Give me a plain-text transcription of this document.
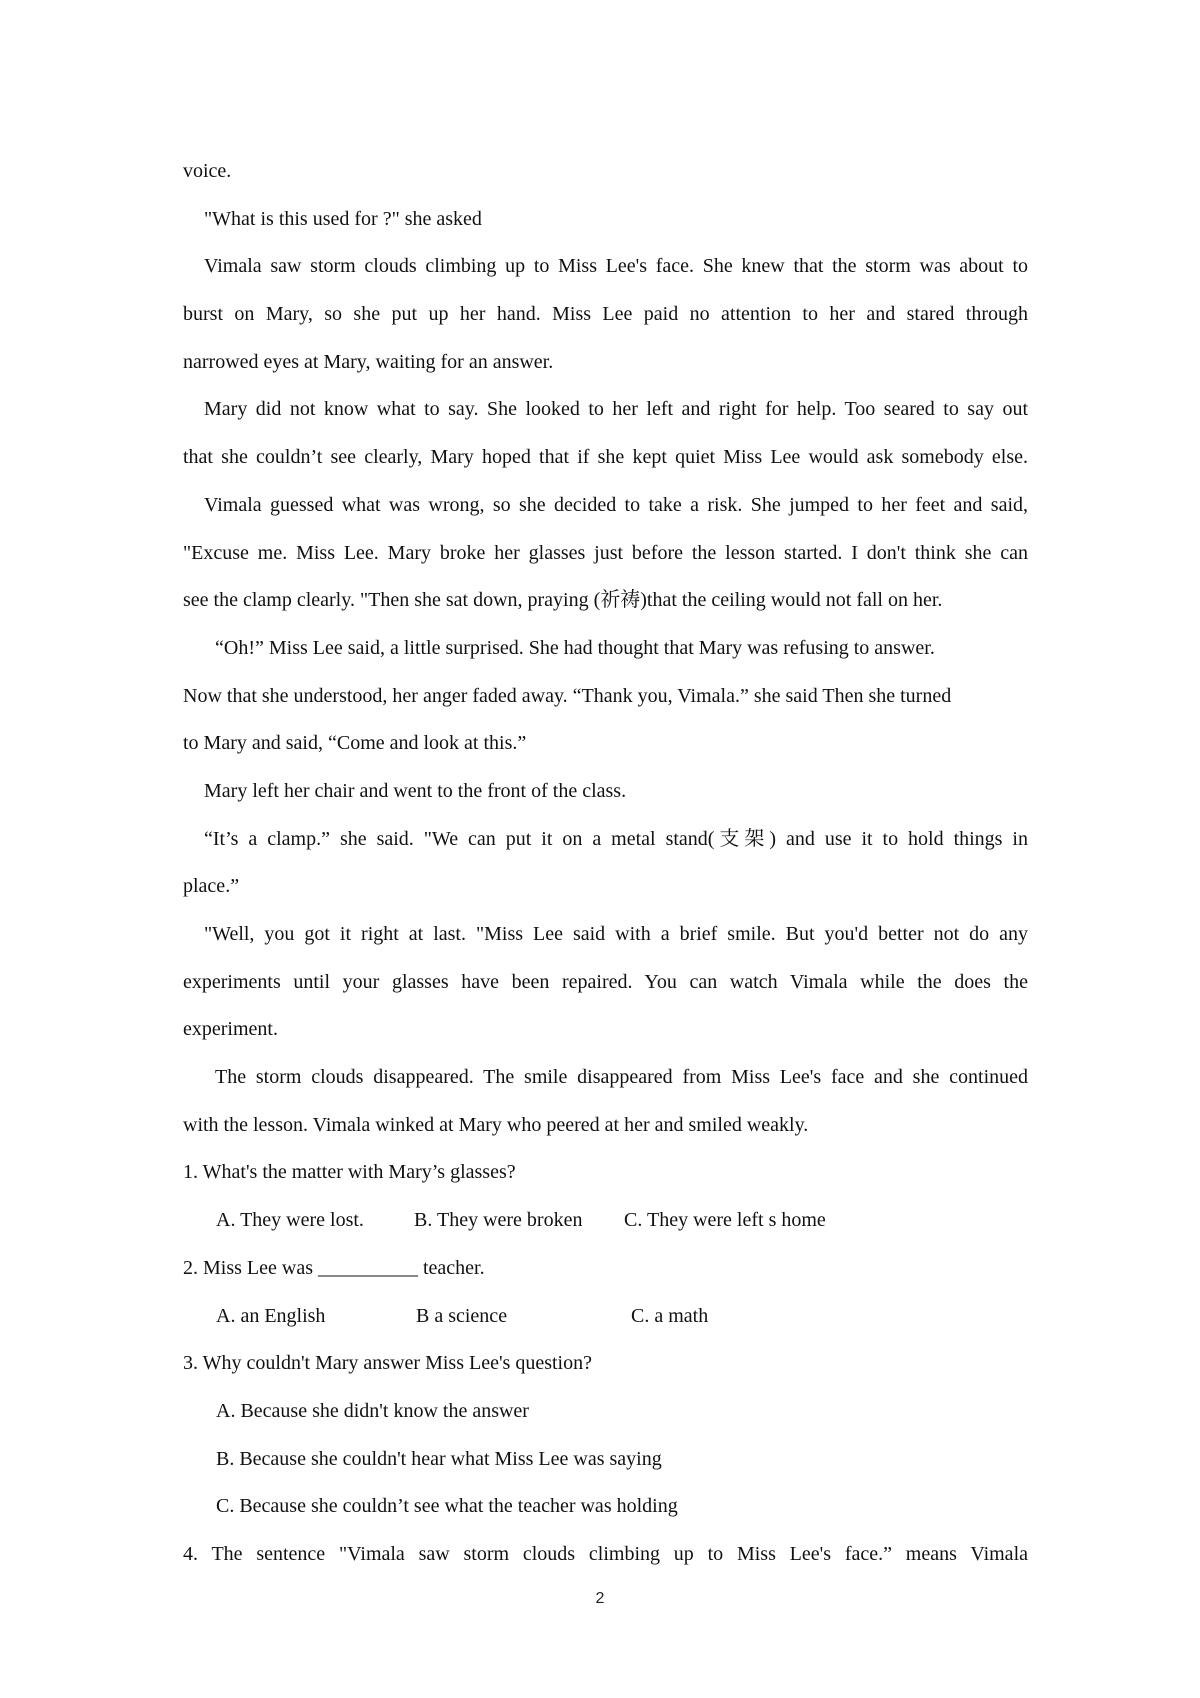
voice.
"What is this used for ?" she asked
Vimala saw storm clouds climbing up to Miss Lee's face. She knew that the storm was about to
burst on Mary, so she put up her hand. Miss Lee paid no attention to her and stared through
narrowed eyes at Mary, waiting for an answer.
Mary did not know what to say. She looked to her left and right for help. Too seared to say out
that she couldn’t see clearly, Mary hoped that if she kept quiet Miss Lee would ask somebody else.
Vimala guessed what was wrong, so she decided to take a risk. She jumped to her feet and said,
"Excuse me. Miss Lee. Mary broke her glasses just before the lesson started. I don't think she can
see the clamp clearly. "Then she sat down, praying (祈祷)that the ceiling would not fall on her.
“Oh!” Miss Lee said, a little surprised. She had thought that Mary was refusing to answer.
Now that she understood, her anger faded away. “Thank you, Vimala.” she said Then she turned
to Mary and said, “Come and look at this.”
Mary left her chair and went to the front of the class.
“It’s a clamp.” she said. "We can put it on a metal stand(支架) and use it to hold things in
place.”
"Well, you got it right at last. "Miss Lee said with a brief smile. But you'd better not do any
experiments until your glasses have been repaired. You can watch Vimala while the does the
experiment.
The storm clouds disappeared. The smile disappeared from Miss Lee's face and she continued
with the lesson. Vimala winked at Mary who peered at her and smiled weakly.
1. What's the matter with Mary’s glasses?
A. They were lost.	B. They were broken C. They were left s home
2. Miss Lee was __________ teacher.
A. an English	B a science	C. a math
3. Why couldn't Mary answer Miss Lee's question?
A. Because she didn't know the answer
B. Because she couldn't hear what Miss Lee was saying
C. Because she couldn’t see what the teacher was holding
4. The sentence "Vimala saw storm clouds climbing up to Miss Lee's face.” means Vimala
2
